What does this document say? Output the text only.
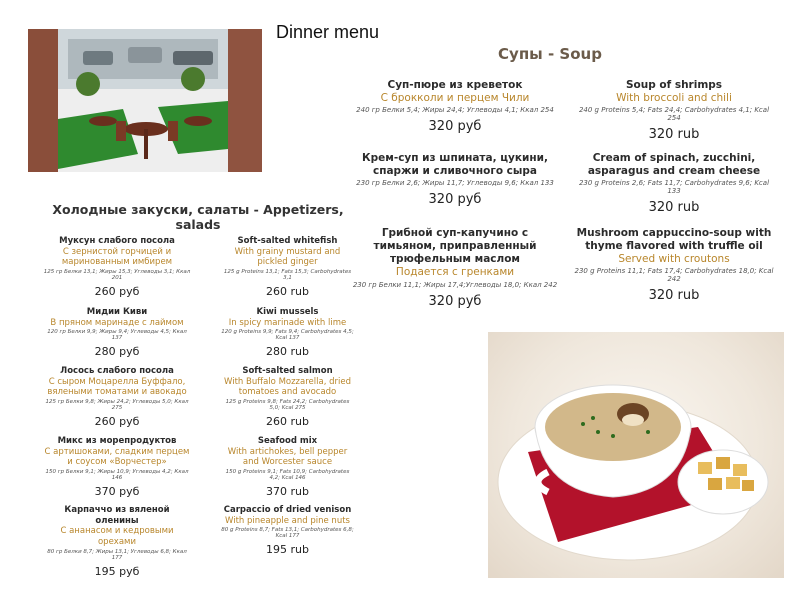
Dinner menu
Супы - Soup
Суп-пюре из креветок
С брокколи и перцем Чили
240 гр Белки 5,4; Жиры 24,4; Углеводы 4,1; Ккал 254
320 руб
Крем-суп из шпината, цукини, спаржи и сливочного сыра
230 гр Белки 2,6; Жиры 11,7; Углеводы 9,6; Ккал 133
320 руб
Грибной суп-капучино с тимьяном, приправленный трюфельным маслом
Подается с гренками
230 гр Белки 11,1; Жиры 17,4;Углеводы 18,0; Ккал 242
320 руб
Soup of shrimps
With broccoli and chili
240 g Proteins 5,4; Fats 24,4; Carbohydrates 4,1; Kcal 254
320 rub
Cream of spinach, zucchini, asparagus and cream cheese
230 g Proteins 2,6; Fats 11,7; Carbohydrates 9,6; Kcal 133
320 rub
Mushroom cappuccino-soup with thyme flavored with truffle oil
Served with croutons
230 g Proteins 11,1; Fats 17,4; Carbohydrates 18,0; Kcal 242
320 rub
Холодные закуски, салаты - Appetizers, salads
Муксун слабого посола
С зернистой горчицей и маринованным имбирем
125 гр Белки 13,1; Жиры 15,3; Углеводы 3,1; Ккал 201
260 руб
Мидии Киви
В пряном маринаде с лаймом
120 гр Белки 9,9; Жиры 9,4; Углеводы 4,5; Ккал 137
280 руб
Лосось слабого посола
С сыром Моцарелла Буффало, вялеными томатами и авокадо
125 гр Белки 9,8; Жиры 24,2; Углеводы 5,0; Ккал 275
260 руб
Микс из морепродуктов
С артишоками, сладким перцем и соусом «Ворчестер»
150 гр Белки 9,1; Жиры 10,9; Углеводы 4,2; Ккал 146
370 руб
Карпаччо из вяленой оленины
С ананасом и кедровыми орехами
80 гр Белки 8,7; Жиры 13,1; Углеводы 6,8; Ккал 177
195 руб
Soft-salted whitefish
With grainy mustard and pickled ginger
125 g Proteins 13,1; Fats 15,3; Carbohydrates 3,1
260 rub
Kiwi mussels
In spicy marinade with lime
120 g Proteins 9,9; Fats 9,4; Carbohydrates 4,5; Kcal 137
280 rub
Soft-salted salmon
With Buffalo Mozzarella, dried tomatoes and avocado
125 g Proteins 9,8; Fats 24,2; Carbohydrates 5,0; Kcal 275
260 rub
Seafood mix
With artichokes, bell pepper and Worcester sauce
150 g Proteins 9,1; Fats 10,9; Carbohydrates 4,2; Kcal 146
370 rub
Carpaccio of dried venison
With pineapple and pine nuts
80 g Proteins 8,7; Fats 13,1; Carbohydrates 6,8; Kcal 177
195 rub
